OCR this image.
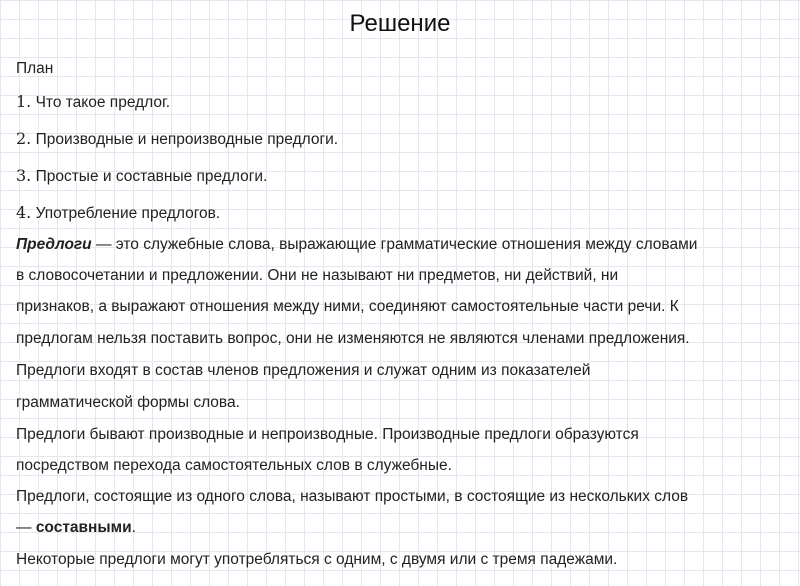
Решение
План
1. Что такое предлог.
2. Производные и непроизводные предлоги.
3. Простые и составные предлоги.
4. Употребление предлогов.
Предлоги — это служебные слова, выражающие грамматические отношения между словами
в словосочетании и предложении. Они не называют ни предметов, ни действий, ни
признаков, а выражают отношения между ними, соединяют самостоятельные части речи. К
предлогам нельзя поставить вопрос, они не изменяются не являются членами предложения.
Предлоги входят в состав членов предложения и служат одним из показателей
грамматической формы слова.
Предлоги бывают производные и непроизводные. Производные предлоги образуются
посредством перехода самостоятельных слов в служебные.
Предлоги, состоящие из одного слова, называют простыми, в состоящие из нескольких слов
— составными.
Некоторые предлоги могут употребляться с одним, с двумя или с тремя падежами.
